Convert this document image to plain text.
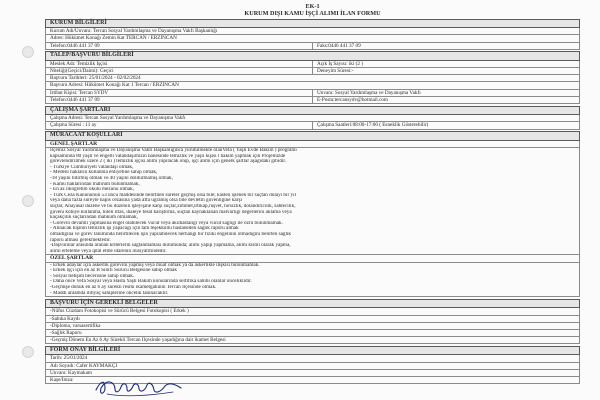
EK-1
KURUM DIŞI KAMU İŞÇİ ALIMI İLAN FORMU
KURUM BİLGİLERİ
Kurum Adı/Unvanı: Tercan Sosyal Yardımlaşma ve Dayanışma Vakfı Başkanlığı
Adres: Hükümet Konağı Zemin Kat TERCAN / ERZİNCAN
Telefon:0446 441 37 09	Faks:0446 441 37 09
TALEP/BAŞVURU BİLGİLERİ
Meslek Adı: Temizlik İşçisi	Açık İş Sayısı: iki (2 )
Niteliği(Geçici/Daimi): Geçici	Deneyim Süresi:-
Başvuru Tarihleri: 25/01/2024 - 02/02/2024
Başvuru Adresi: Hükümet Konağı Kat 1 Tercan / ERZİNCAN
İrtibat Kişisi: Tercan SYDV	Unvanı: Sosyal Yardımlaşma ve Dayanışma Vakfı
Telefon:0446 441 37 09	E-Posta:tercansydv@hotmail.com
ÇALIŞMA ŞARTLARI
Çalışma Adresi: Tercan Sosyal Yardımlaşma ve Dayanışma Vakfı
Çalışma Süresi : 11 ay	Çalışma Saatleri:08:00-17:00 ( Esneklik Gösterebilir)
MÜRACAAT KOŞULLARI
GENEL ŞARTLAR
İlçemiz Sosyal Yardımlaşma ve Dayanışma Vakfı Başkanlığınca yürütülmekte olanVefa ( Yaşlı Evde Bakım ) programı
kapsamında 80 yaşlı ve engelli vatandaşımızın hanesinde temizlik ve yaşlı kişisi l bakım yapmak için Projemizde
görevlendirilmek üzere 2 ( iki ) temizlik işçisi alımı yapılacak olup, işçi alımı için genelk şartlar aşağıdaki gibidir.
- Türkiye Cumhuriyeti vatandaşı olmak,
- Medeni hakların kullanma ehliyetine sahip olmak,
-18 yaşını bitirmiş olmak ve 40 yaşını doldurmamış olmak,
- Kamu haklarından mahrum bulunmamak,
- En az ilköğretim okulu mezunu olmak,
- Türk Ceza Kanununun 53 üncü maddesinde belirtilen süreler geçmiş olsa bile; kasten işlenen bir suçtan dolayı bir yıl
veya daha fazla süreyle hapis cezasına yada affa uğramış olsa bile devletin güvenliğine karşı
suçlar, Anayasal düzene ve bu düzenin işleyişine karşı suçlar,zimmet,irtikâp,rüşvet, hırsızlık, dolandırıcılık, sahtecilik,
güveni kötüye kullanma, hileli iflas, ihaleye fesat karıştırma, suçtan kaynaklanan malvarlığı değerlerini aklama veya
kaçakçılık suçlarından mahkûm olmamak,
- Görevin devamlı yapmasına engel olabilecek vücut veya akılhastalığı veya vücut sağlığı ile özrü bulunmamak.
- Alınacak kişinin temizlik işi yapacağı için tam teşekküllü hastaneden sağlık raporu almak
olmadığına ve görev tanımında belirtilecek işin yapılabilecek herhangi bir fiziki engelinin olmadığını belirten sağlık
raporu alması gerekmektedir.
-Daşvurular arasında aranan kriterlerin sağlanmaması durumunda; alımı yapıp yapmama, alımı kısmi olarak yapma,
alımı erteleme veya iptal etme idarenin inisiyatifindedir.
ÖZEL ŞARTLAR
- Erkek adaylar için askerlik görevini yapmış veya muaf olmak ya da askerlikle ilişkisi bulunmamak.
- Erkek işçi için en az B Sınıfı Sürücü Belgesine sahip olmak
- Sosyal İletişim becerisine sahip olmak.
- Daha önce Vefa Sosyal veya Hasta Yaşlı Bakım konularında sertifika sahibi olanlar önceliklidir.
-Geçmişe dönük en az 6 ay sürekli resmi ikametgâhının Tercan İlçesinde olmak.
- Maddi anlamda ihtiyaç sahiplerine öncelik tanınacaktır.
BAŞVURU İÇİN GEREKLİ BELGELER
-Nüfus Cüzdanı Fotokopisi ve Sürücü Belgesi Fotokopisi ( Erkek )
-Sabıka Kaydı
-Diploma, varsasertifika
-Sağlık Raporu
-Geçmiş Dönem En Az 6 Ay Sürekli Tercan İlçesinde yaşadığına dair ikamet Belgesi
FORM ONAY BİLGİLERİ
Tarih: 25/01/2024
Adı Soyadı: Cafer KAYMAKÇI
Unvanı: Kaymakam
Kaşe/İmza:
